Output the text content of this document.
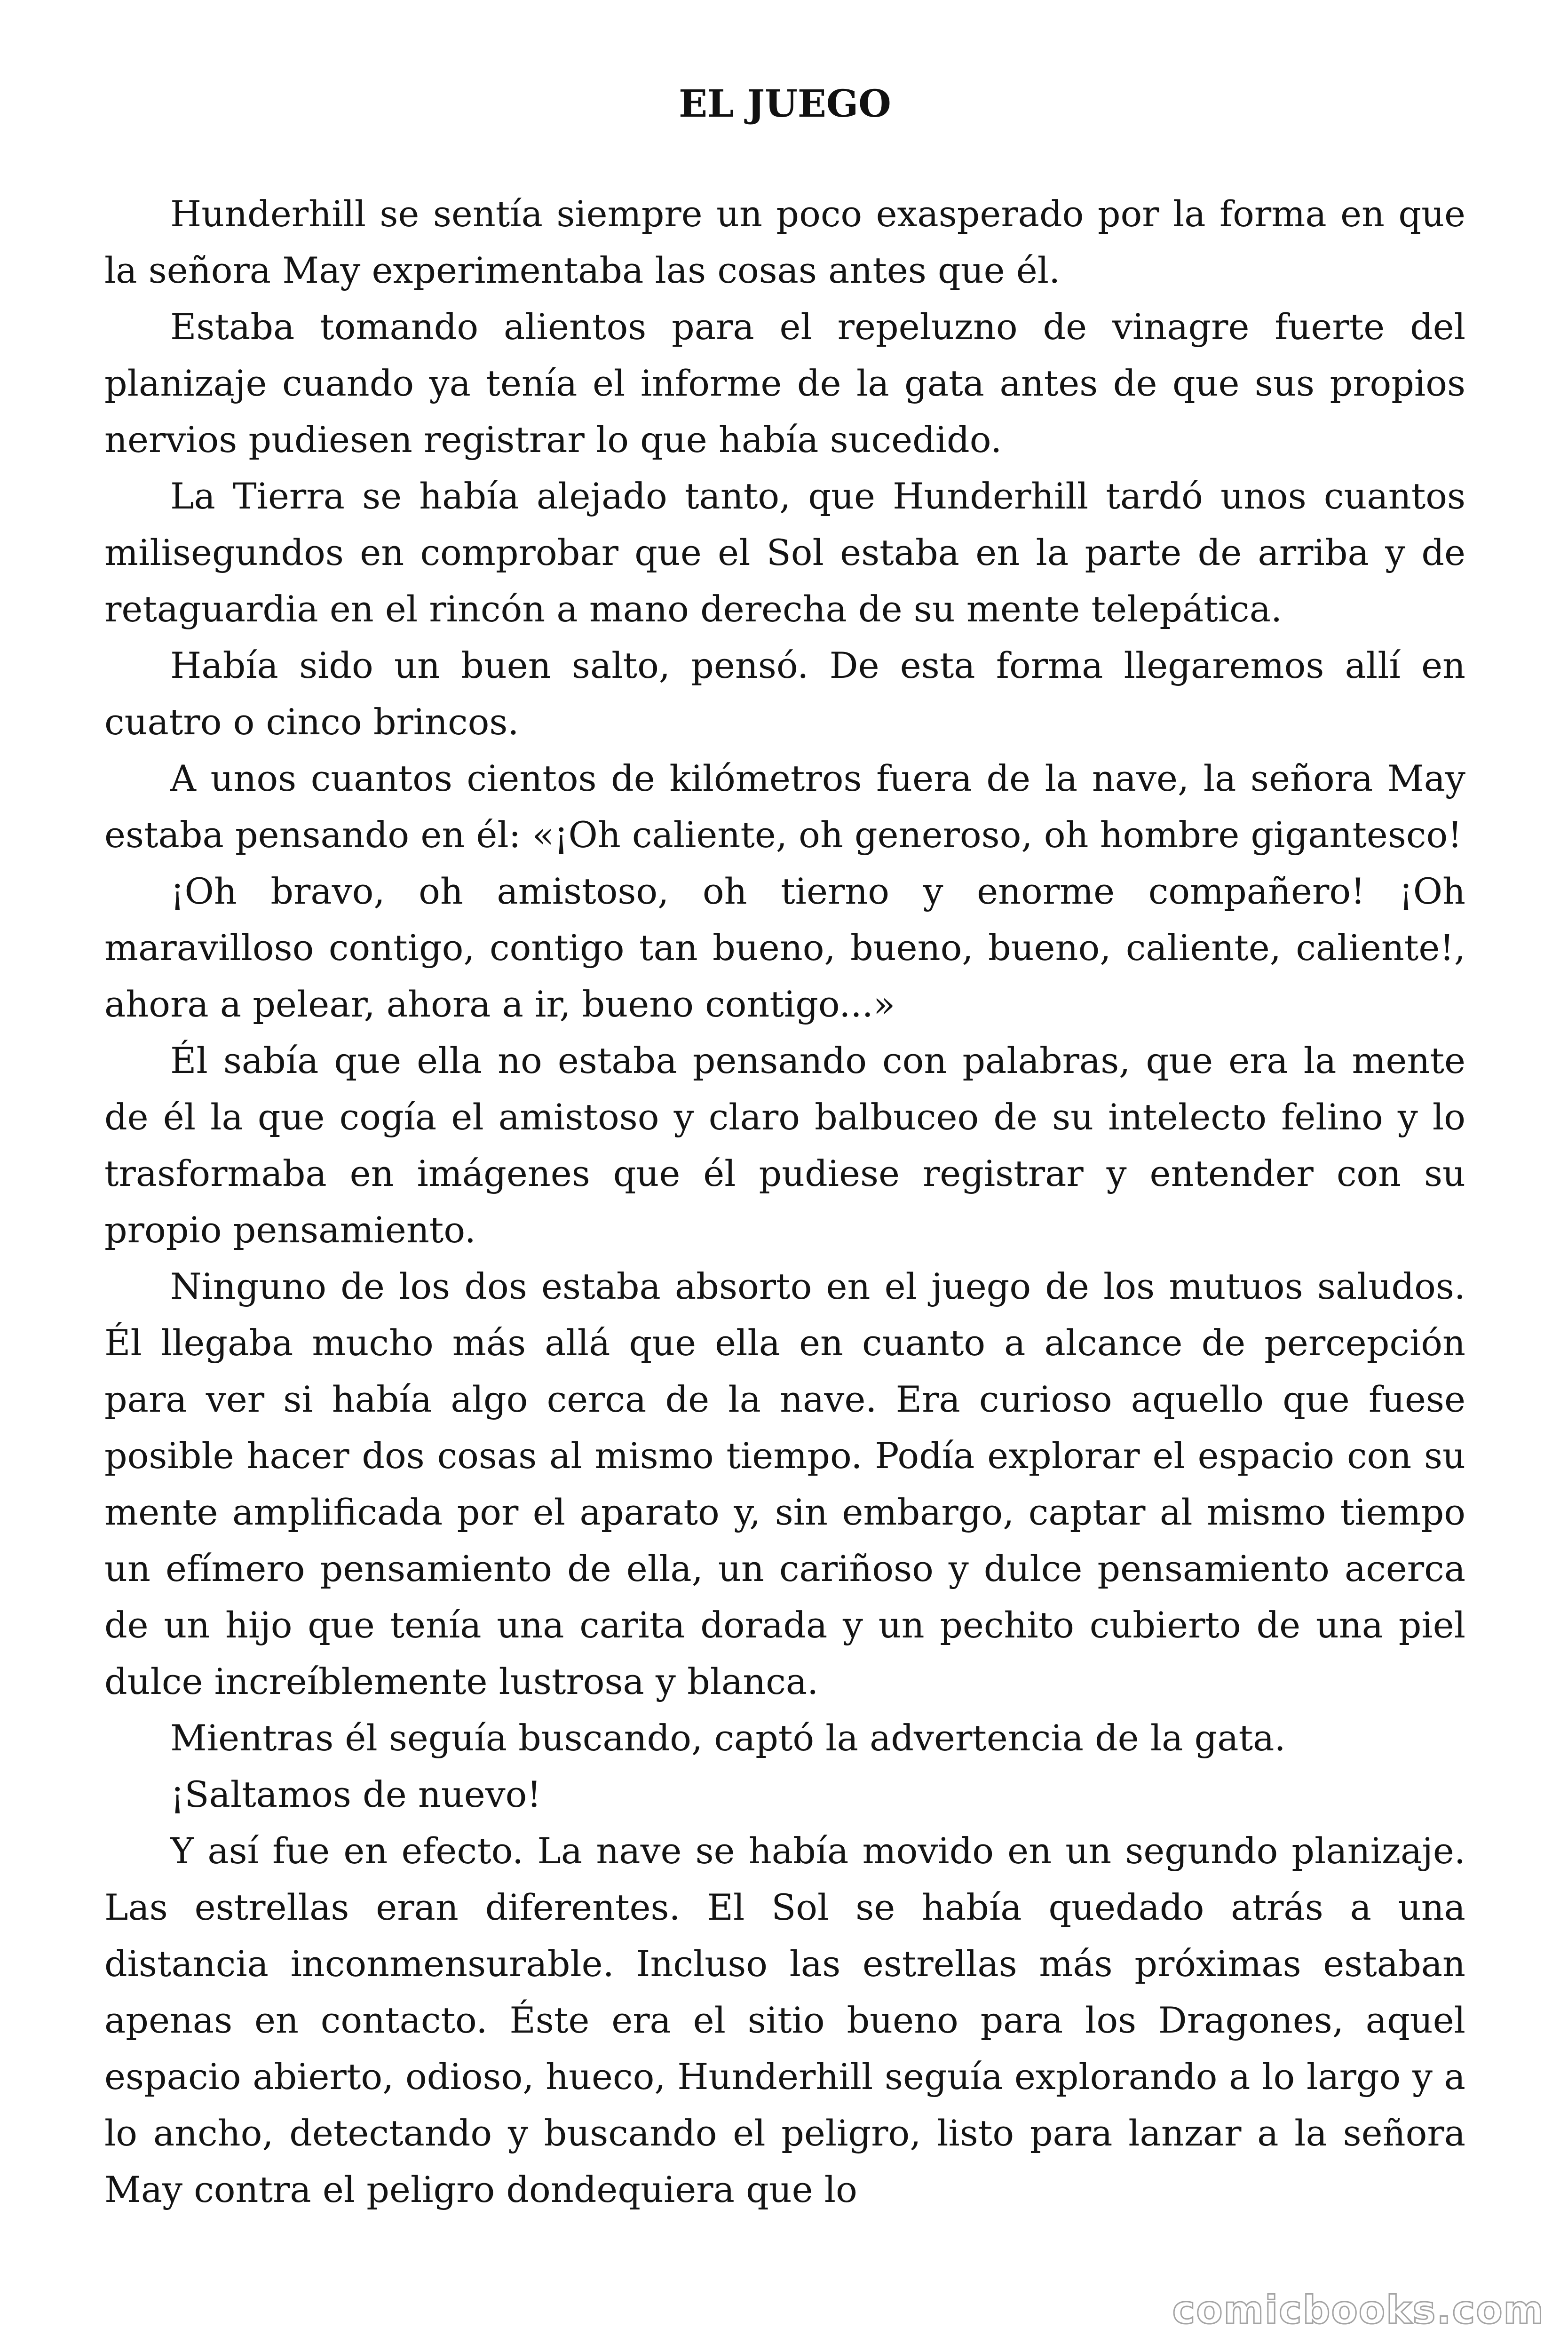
EL JUEGO

Hunderhill se sentía siempre un poco exasperado por la forma en que la señora May experimentaba las cosas antes que él.

Estaba tomando alientos para el repeluzno de vinagre fuerte del planizaje cuando ya tenía el informe de la gata antes de que sus propios nervios pudiesen registrar lo que había sucedido.

La Tierra se había alejado tanto, que Hunderhill tardó unos cuantos milisegundos en comprobar que el Sol estaba en la parte de arriba y de retaguardia en el rincón a mano derecha de su mente telepática.

Había sido un buen salto, pensó. De esta forma llegaremos allí en cuatro o cinco brincos.

A unos cuantos cientos de kilómetros fuera de la nave, la señora May estaba pensando en él: «¡Oh caliente, oh generoso, oh hombre gigantesco!

¡Oh bravo, oh amistoso, oh tierno y enorme compañero! ¡Oh maravilloso contigo, contigo tan bueno, bueno, bueno, caliente, caliente!, ahora a pelear, ahora a ir, bueno contigo...»

Él sabía que ella no estaba pensando con palabras, que era la mente de él la que cogía el amistoso y claro balbuceo de su intelecto felino y lo trasformaba en imágenes que él pudiese registrar y entender con su propio pensamiento.

Ninguno de los dos estaba absorto en el juego de los mutuos saludos. Él llegaba mucho más allá que ella en cuanto a alcance de percepción para ver si había algo cerca de la nave. Era curioso aquello que fuese posible hacer dos cosas al mismo tiempo. Podía explorar el espacio con su mente amplificada por el aparato y, sin embargo, captar al mismo tiempo un efímero pensamiento de ella, un cariñoso y dulce pensamiento acerca de un hijo que tenía una carita dorada y un pechito cubierto de una piel dulce increíblemente lustrosa y blanca.

Mientras él seguía buscando, captó la advertencia de la gata.

¡Saltamos de nuevo!

Y así fue en efecto. La nave se había movido en un segundo planizaje. Las estrellas eran diferentes. El Sol se había quedado atrás a una distancia inconmensurable. Incluso las estrellas más próximas estaban apenas en contacto. Éste era el sitio bueno para los Dragones, aquel espacio abierto, odioso, hueco, Hunderhill seguía explorando a lo largo y a lo ancho, detectando y buscando el peligro, listo para lanzar a la señora May contra el peligro dondequiera que lo

comicbooks.com
